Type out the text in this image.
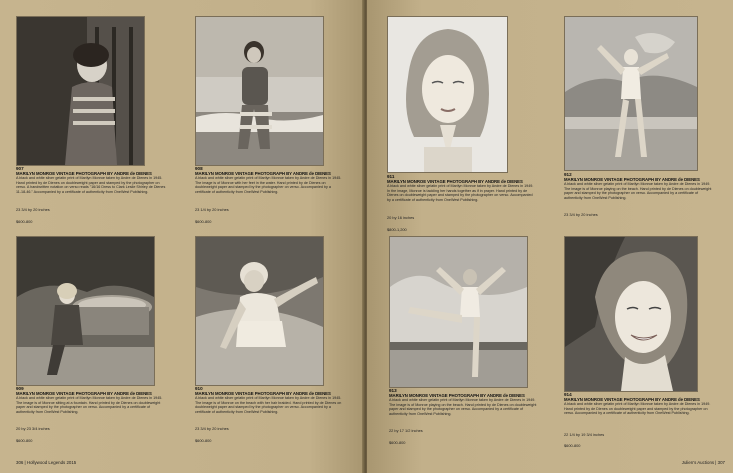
907
MARILYN MONROE VINTAGE PHOTOGRAPH BY ANDRE de DIENES
A black and white silver gelatin print of Marilyn Monroe taken by Andre de Dienes in 1945. Hand printed by de Dienes on doubleweight paper and stamped by the photographer on verso. A handwritten notation on verso reads "16/16 Dress to Clark Leslie Shirley de Dienes 11-18-46." Accompanied by a certificate of authenticity from OneWest Publishing.
23 3/4 by 20 inches
$600-800
908
MARILYN MONROE VINTAGE PHOTOGRAPH BY ANDRE de DIENES
A black and white silver gelatin print of Marilyn Monroe taken by Andre de Dienes in 1945. The image is of Monroe with her feet in the water. Hand printed by de Dienes on doubleweight paper and stamped by the photographer on verso. Accompanied by a certificate of authenticity from OneWest Publishing.
23 1/4 by 20 inches
$600-800
909
MARILYN MONROE VINTAGE PHOTOGRAPH BY ANDRE de DIENES
A black and white silver gelatin print of Marilyn Monroe taken by Andre de Dienes in 1945. The image is of Monroe sitting at a fountain. Hand printed by de Dienes on doubleweight paper and stamped by the photographer on verso. Accompanied by a certificate of authenticity from OneWest Publishing.
20 by 23 3/4 inches
$600-800
910
MARILYN MONROE VINTAGE PHOTOGRAPH BY ANDRE de DIENES
A black and white silver gelatin print of Marilyn Monroe taken by Andre de Dienes in 1945. The image is of Monroe on the beach with her hair braided. Hand printed by de Dienes on doubleweight paper and stamped by the photographer on verso. Accompanied by a certificate of authenticity from OneWest Publishing.
23 3/4 by 20 inches
$600-800
306 | Hollywood Legends 2015
911
MARILYN MONROE VINTAGE PHOTOGRAPH BY ANDRE de DIENES
A black and white silver gelatin print of Marilyn Monroe taken by Andre de Dienes in 1949. In the image, Monroe is tackling her hands together as if in prayer. Hand printed by de Dienes on doubleweight paper and stamped by the photographer on verso. Accompanied by a certificate of authenticity from OneWest Publishing.
20 by 16 inches
$800-1,200
912
MARILYN MONROE VINTAGE PHOTOGRAPH BY ANDRE de DIENES
A black and white silver gelatin print of Marilyn Monroe taken by Andre de Dienes in 1949. The image is of Monroe playing on the beach. Hand printed by de Dienes on doubleweight paper and stamped by the photographer on verso. Accompanied by a certificate of authenticity from OneWest Publishing.
23 3/4 by 20 inches
913
MARILYN MONROE VINTAGE PHOTOGRAPH BY ANDRE de DIENES
A black and white silver gelatin print of Marilyn Monroe taken by Andre de Dienes in 1949. The image is of Monroe playing on the beach. Hand printed by de Dienes on doubleweight paper and stamped by the photographer on verso. Accompanied by a certificate of authenticity from OneWest Publishing.
22 by 17 1/2 inches
$600-800
914
MARILYN MONROE VINTAGE PHOTOGRAPH BY ANDRE de DIENES
A black and white silver gelatin print of Marilyn Monroe taken by Andre de Dienes in 1949. Hand printed by de Dienes on doubleweight paper and stamped by the photographer on verso. Accompanied by a certificate of authenticity from OneWest Publishing.
22 1/4 by 19 3/4 inches
$600-800
Julien's Auctions | 307
